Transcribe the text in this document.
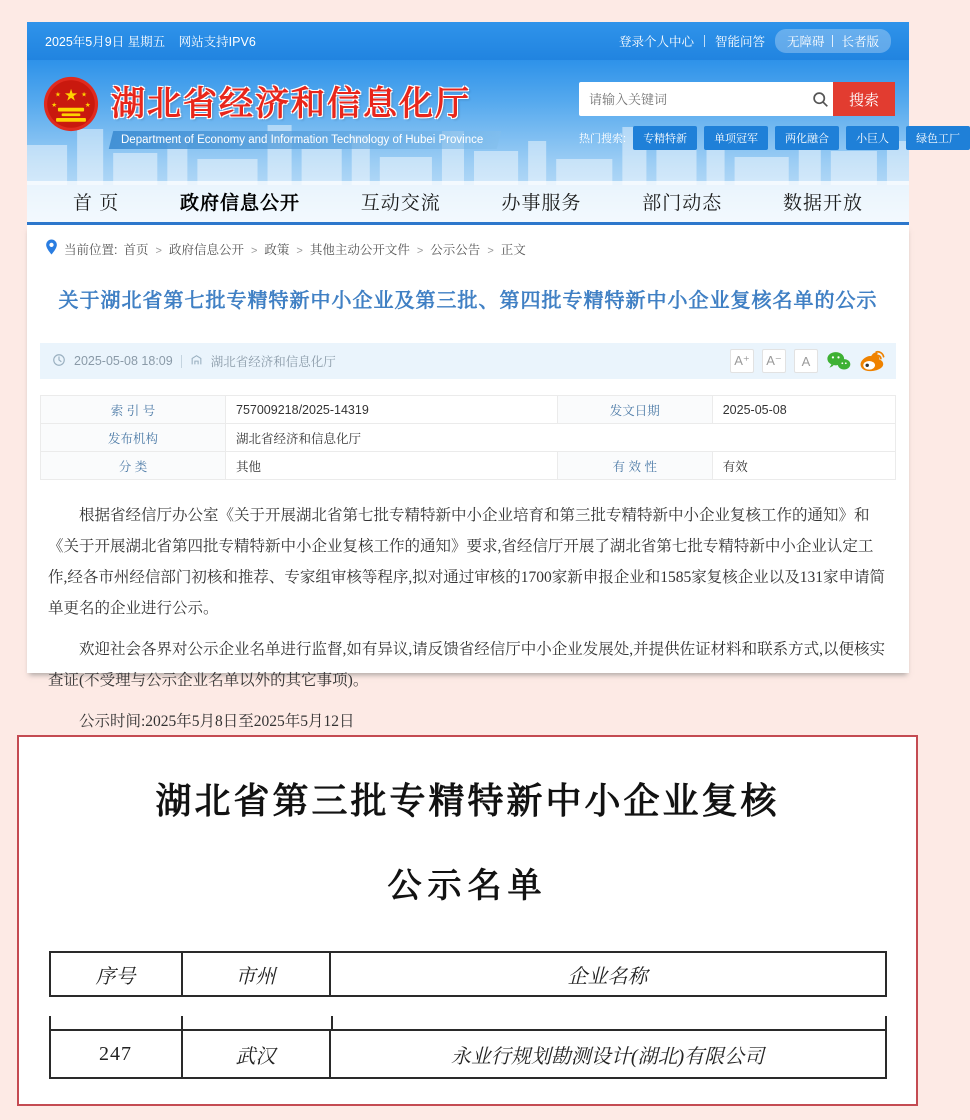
2025年5月9日 星期五 网站支持IPV6	登录个人中心 智能问答 无障碍 长者版
★
★	★
★	★ 湖北省经济和信息化厅
Department of Economy and Information Technology of Hubei Province
请输入关键词
搜索
热门搜索:	专精特新	单项冠军	两化融合	小巨人	绿色工厂
首 页	政府信息公开	互动交流	办事服务	部门动态	数据开放
当前位置: 首页	> 政府信息公开	> 政策	> 其他主动公开文件	> 公示公告	> 正文
关于湖北省第七批专精特新中小企业及第三批、第四批专精特新中小企业复核名单的公示
2025-05-08 18:09	湖北省经济和信息化厅	A⁺	A⁻	A
索 引 号	757009218/2025-14319	发文日期	2025-05-08
发布机构	湖北省经济和信息化厅		
分 类	其他	有 效 性	有效

根据省经信厅办公室《关于开展湖北省第七批专精特新中小企业培育和第三批专精特新中小企业复核工作的通知》和《关于开展湖北省第四批专精特新中小企业复核工作的通知》要求,省经信厅开展了湖北省第七批专精特新中小企业认定工作,经各市州经信部门初核和推荐、专家组审核等程序,拟对通过审核的1700家新申报企业和1585家复核企业以及131家申请简单更名的企业进行公示。

欢迎社会各界对公示企业名单进行监督,如有异议,请反馈省经信厅中小企业发展处,并提供佐证材料和联系方式,以便核实查证(不受理与公示企业名单以外的其它事项)。

公示时间:2025年5月8日至2025年5月12日

湖北省第三批专精特新中小企业复核
公示名单
序号	市州	企业名称
247	武汉	永业行规划勘测设计(湖北)有限公司
